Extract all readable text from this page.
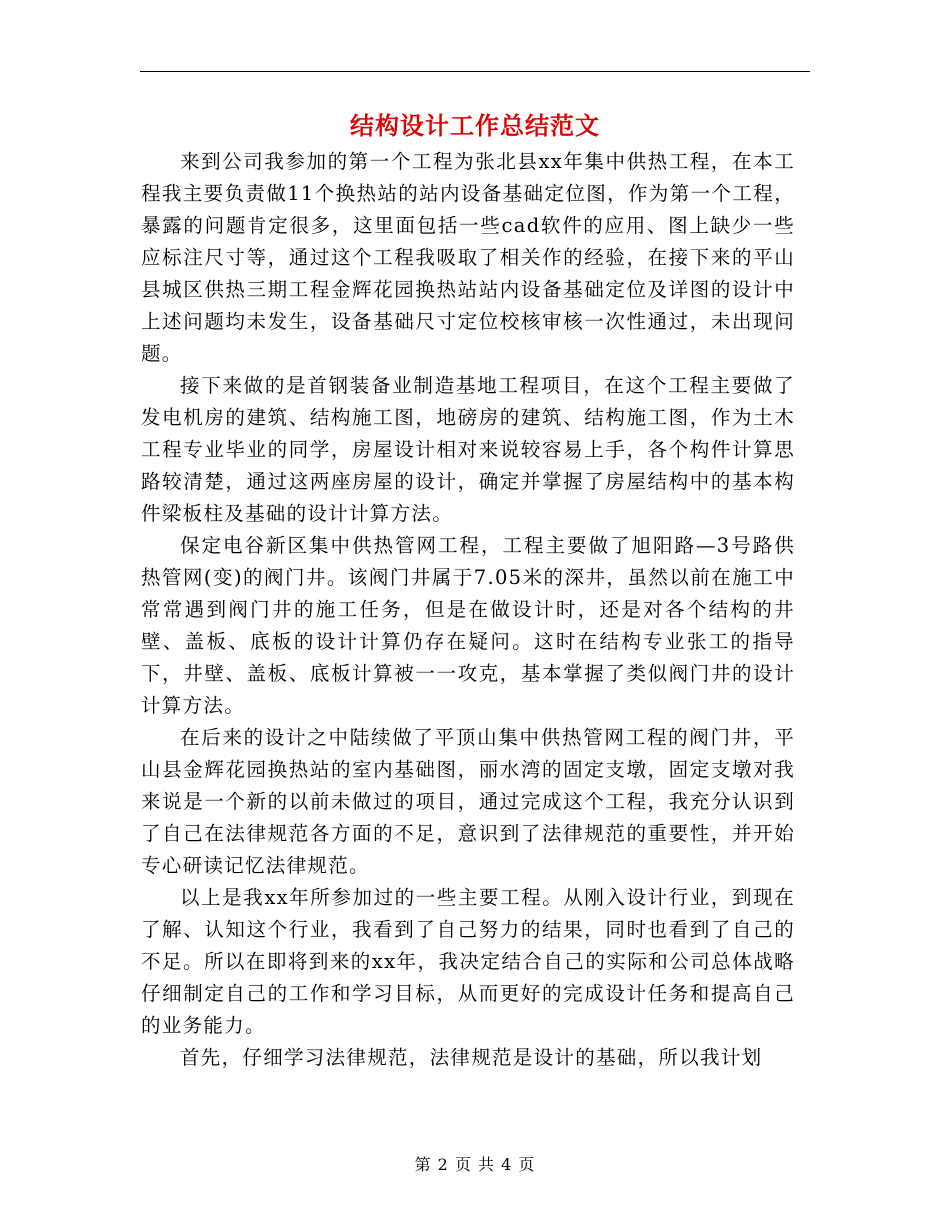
结构设计工作总结范文

来到公司我参加的第一个工程为张北县xx年集中供热工程，在本工程我主要负责做11个换热站的站内设备基础定位图，作为第一个工程，暴露的问题肯定很多，这里面包括一些cad软件的应用、图上缺少一些应标注尺寸等，通过这个工程我吸取了相关作的经验，在接下来的平山县城区供热三期工程金辉花园换热站站内设备基础定位及详图的设计中上述问题均未发生，设备基础尺寸定位校核审核一次性通过，未出现问题。

接下来做的是首钢装备业制造基地工程项目，在这个工程主要做了发电机房的建筑、结构施工图，地磅房的建筑、结构施工图，作为土木工程专业毕业的同学，房屋设计相对来说较容易上手，各个构件计算思路较清楚，通过这两座房屋的设计，确定并掌握了房屋结构中的基本构件梁板柱及基础的设计计算方法。

保定电谷新区集中供热管网工程，工程主要做了旭阳路—3号路供热管网(变)的阀门井。该阀门井属于7.05米的深井，虽然以前在施工中常常遇到阀门井的施工任务，但是在做设计时，还是对各个结构的井壁、盖板、底板的设计计算仍存在疑问。这时在结构专业张工的指导下，井壁、盖板、底板计算被一一攻克，基本掌握了类似阀门井的设计计算方法。

在后来的设计之中陆续做了平顶山集中供热管网工程的阀门井，平山县金辉花园换热站的室内基础图，丽水湾的固定支墩，固定支墩对我来说是一个新的以前未做过的项目，通过完成这个工程，我充分认识到了自己在法律规范各方面的不足，意识到了法律规范的重要性，并开始专心研读记忆法律规范。

以上是我xx年所参加过的一些主要工程。从刚入设计行业，到现在了解、认知这个行业，我看到了自己努力的结果，同时也看到了自己的不足。所以在即将到来的xx年，我决定结合自己的实际和公司总体战略仔细制定自己的工作和学习目标，从而更好的完成设计任务和提高自己的业务能力。

首先，仔细学习法律规范，法律规范是设计的基础，所以我计划

第 2 页 共 4 页
